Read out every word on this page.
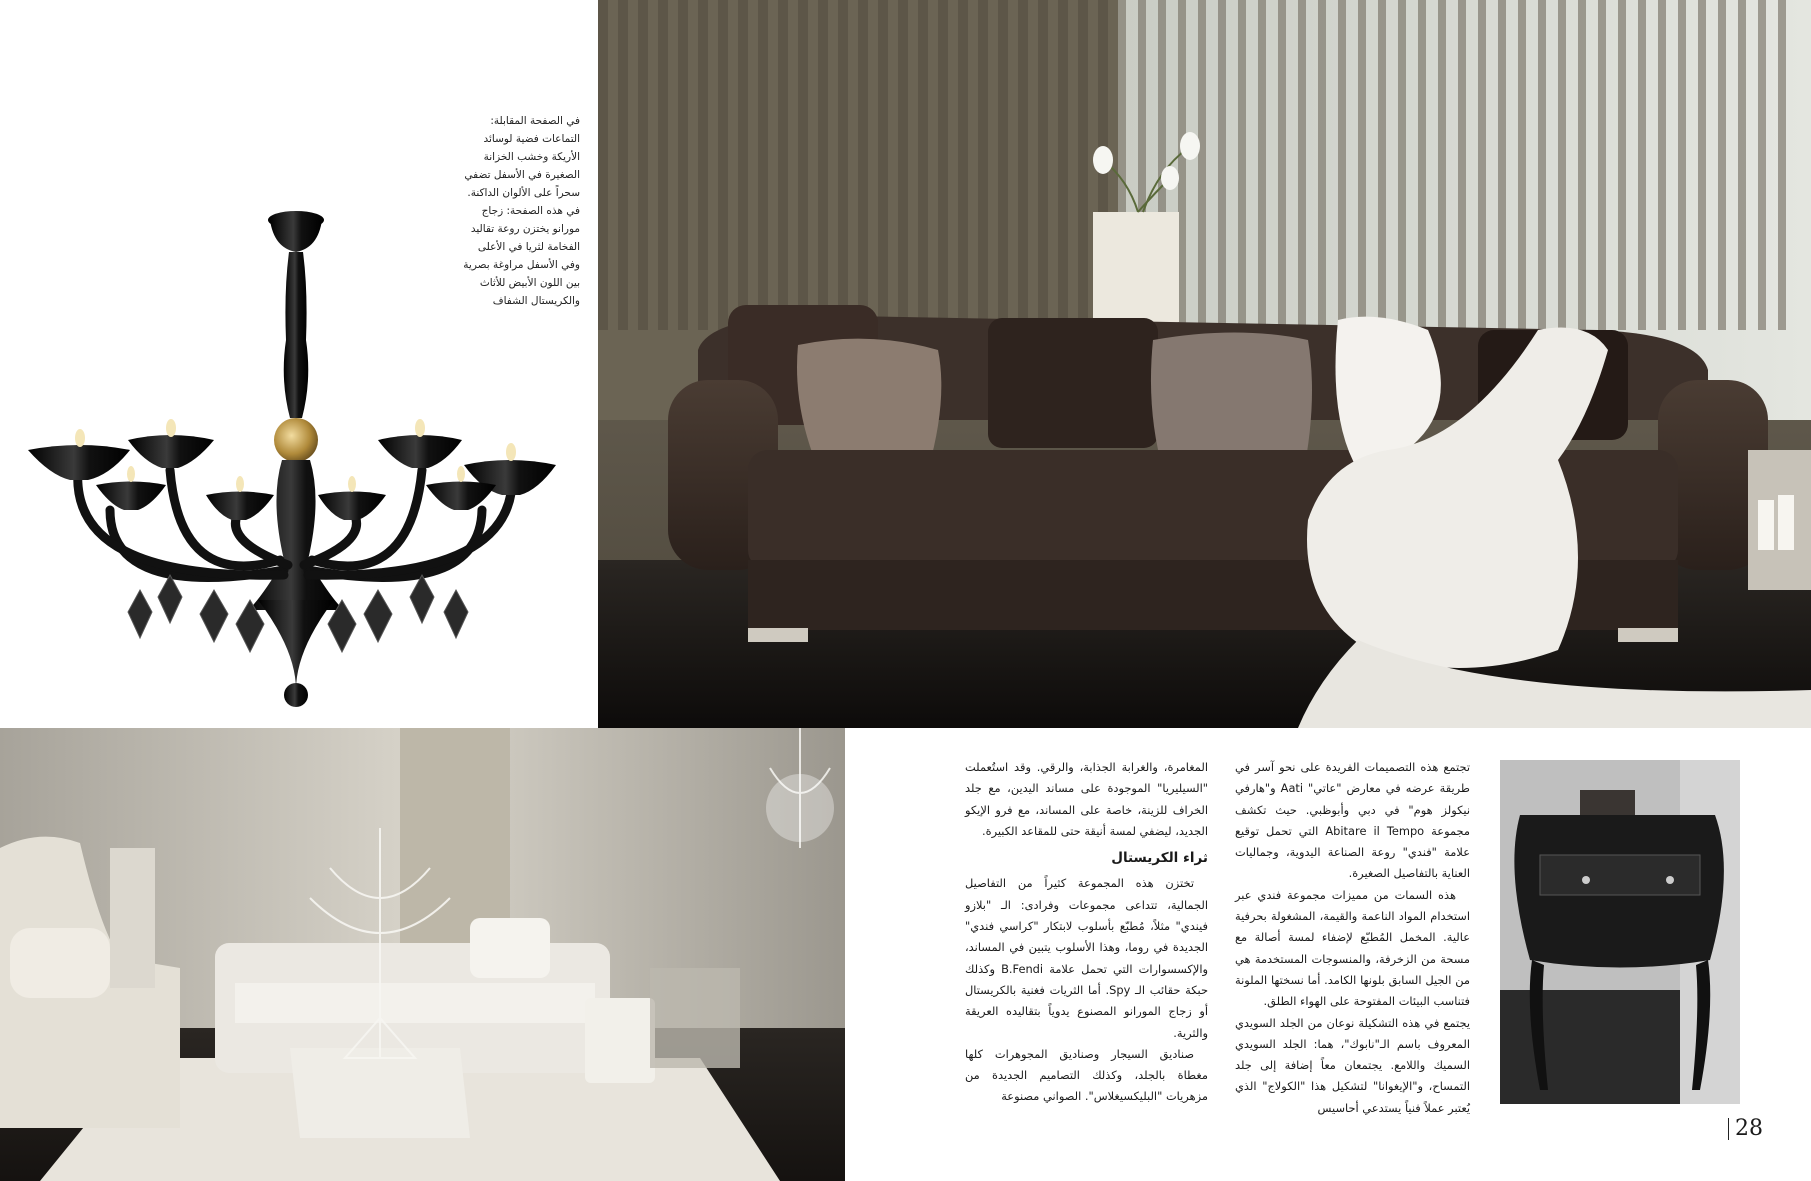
في الصفحة المقابلة:
التماعات فضية لوسائد
الأريكة وخشب الخزانة
الصغيرة في الأسفل تضفي
سحراً على الألوان الداكنة.
في هذه الصفحة: زجاج
مورانو يختزن روعة تقاليد
الفخامة لثريا في الأعلى
وفي الأسفل مراوغة بصرية
بين اللون الأبيض للأثاث
والكريستال الشفاف

تجتمع هذه التصميمات الفريدة على نحو آسر في طريقة عرضه في معارض "عاتي" Aati و"هارفي نيكولز هوم" في دبي وأبوظبي. حيث تكشف مجموعة Abitare il Tempo التي تحمل توقيع علامة "فندي" روعة الصناعة اليدوية، وجماليات العناية بالتفاصيل الصغيرة.

هذه السمات من مميزات مجموعة فندي عبر استخدام المواد الناعمة والقيمة، المشغولة بحرفية عالية. المخمل المُطبّع لإضفاء لمسة أصالة مع مسحة من الزخرفة، والمنسوجات المستخدمة هي من الجيل السابق بلونها الكامد. أما نسختها الملونة فتناسب البيئات المفتوحة على الهواء الطلق.

يجتمع في هذه التشكيلة نوعان من الجلد السويدي المعروف باسم الـ"نابوك"، هما: الجلد السويدي السميك واللامع. يجتمعان معاً إضافة إلى جلد التمساح، و"الإيغوانا" لتشكيل هذا "الكولاج" الذي يُعتبر عملاً فنياً يستدعي أحاسيس

المغامرة، والغرابة الجذابة، والرقي. وقد استُعملت "السيليريا" الموجودة على مساند اليدين، مع جلد الخراف للزينة، خاصة على المساند، مع فرو الإيكو الجديد، ليضفي لمسة أنيقة حتى للمقاعد الكبيرة.

ثراء الكريستال

تختزن هذه المجموعة كثيراً من التفاصيل الجمالية، تتداعى مجموعات وفرادى: الـ "بلازو فيندي" مثلاً، مُطبّع بأسلوب لابتكار "كراسي فندي" الجديدة في روما، وهذا الأسلوب يتبين في المساند، والإكسسوارات التي تحمل علامة B.Fendi وكذلك حبكة حقائب الـ Spy. أما الثريات فغنية بالكريستال أو زجاج المورانو المصنوع يدوياً بتقاليده العريقة والثرية.

صناديق السيجار وصناديق المجوهرات كلها مغطاة بالجلد، وكذلك التصاميم الجديدة من مزهريات "البليكسيغلاس". الصواني مصنوعة

28
